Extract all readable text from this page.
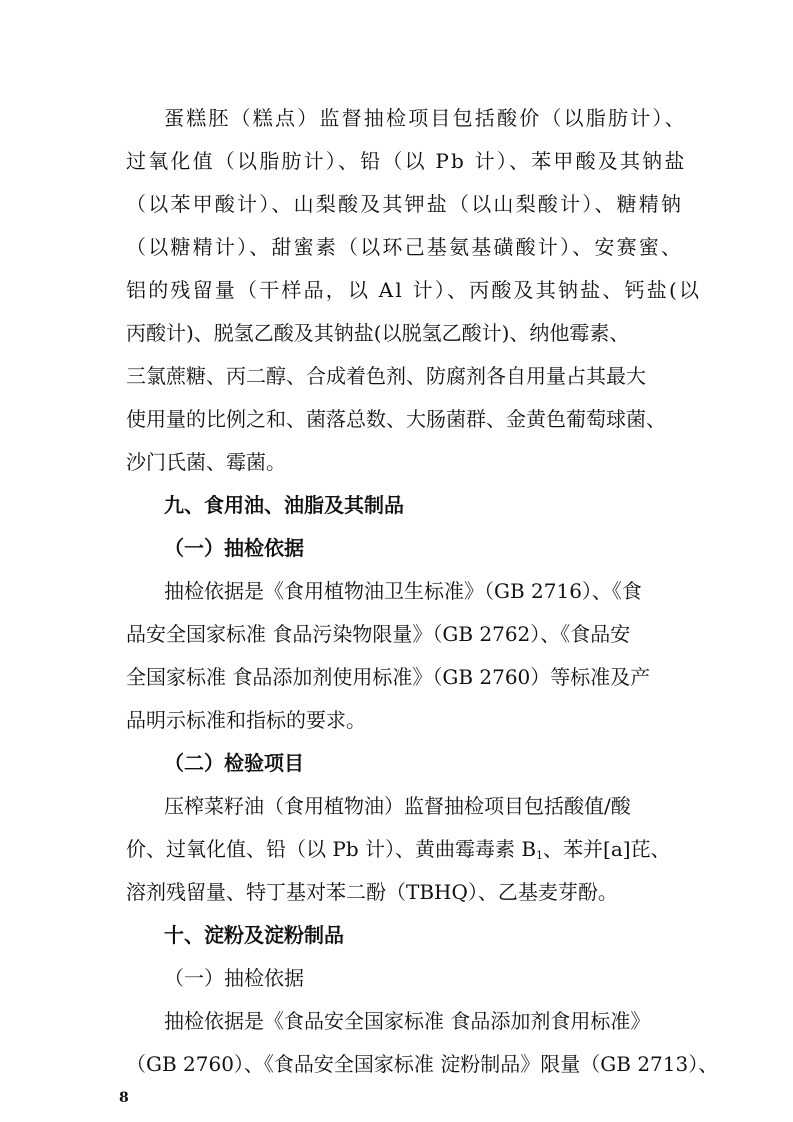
蛋糕胚（糕点）监督抽检项目包括酸价（以脂肪计）、
过氧化值（以脂肪计）、铅（以 Pb 计）、苯甲酸及其钠盐
（以苯甲酸计）、山梨酸及其钾盐（以山梨酸计）、糖精钠
（以糖精计）、甜蜜素（以环己基氨基磺酸计）、安赛蜜、
铝的残留量（干样品，以 Al 计）、丙酸及其钠盐、钙盐(以
丙酸计)、脱氢乙酸及其钠盐(以脱氢乙酸计)、纳他霉素、
三氯蔗糖、丙二醇、合成着色剂、防腐剂各自用量占其最大
使用量的比例之和、菌落总数、大肠菌群、金黄色葡萄球菌、
沙门氏菌、霉菌。
九、食用油、油脂及其制品
（一）抽检依据
抽检依据是《食用植物油卫生标准》（GB 2716）、《食
品安全国家标准 食品污染物限量》（GB 2762）、《食品安
全国家标准 食品添加剂使用标准》（GB 2760）等标准及产
品明示标准和指标的要求。
（二）检验项目
压榨菜籽油（食用植物油）监督抽检项目包括酸值/酸
价、过氧化值、铅（以 Pb 计）、黄曲霉毒素 $B_1$、苯并[a]芘、
溶剂残留量、特丁基对苯二酚（TBHQ）、乙基麦芽酚。
十、淀粉及淀粉制品
（一）抽检依据
抽检依据是《食品安全国家标准 食品添加剂食用标准》
（GB 2760）、《食品安全国家标准 淀粉制品》限量（GB 2713）、
8
